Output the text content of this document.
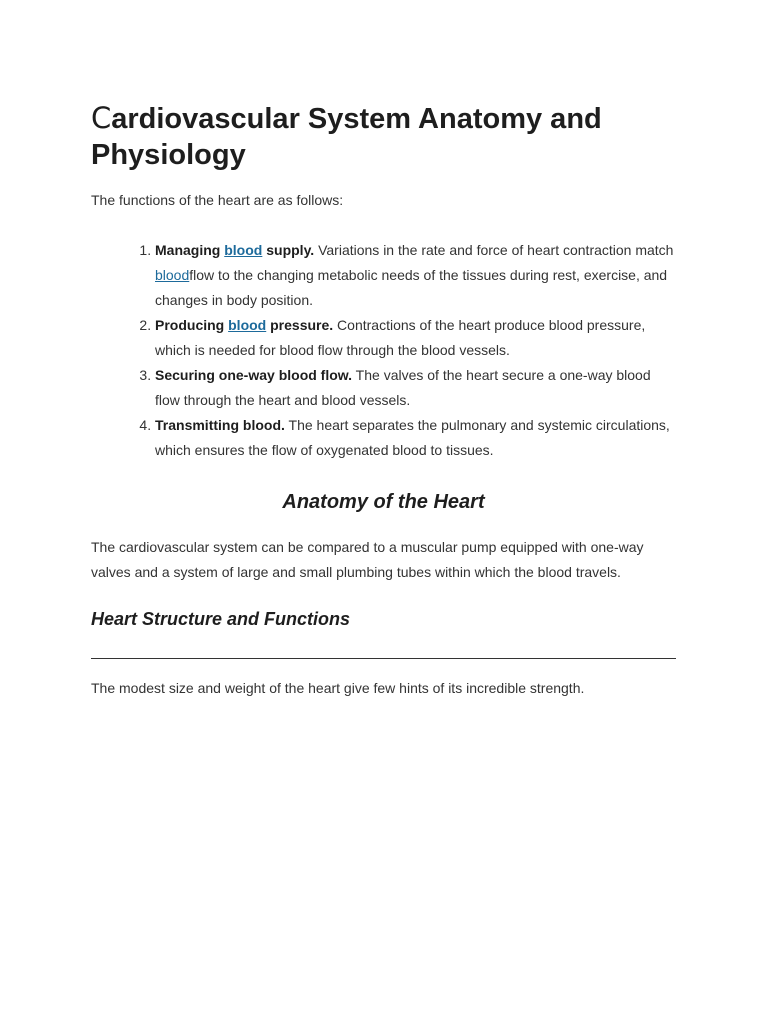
Cardiovascular System Anatomy and Physiology

The functions of the heart are as follows:

1. Managing blood supply. Variations in the rate and force of heart contraction match bloodflow to the changing metabolic needs of the tissues during rest, exercise, and changes in body position.
2. Producing blood pressure. Contractions of the heart produce blood pressure, which is needed for blood flow through the blood vessels.
3. Securing one-way blood flow. The valves of the heart secure a one-way blood flow through the heart and blood vessels.
4. Transmitting blood. The heart separates the pulmonary and systemic circulations, which ensures the flow of oxygenated blood to tissues.
Anatomy of the Heart

The cardiovascular system can be compared to a muscular pump equipped with one-way valves and a system of large and small plumbing tubes within which the blood travels.

Heart Structure and Functions

The modest size and weight of the heart give few hints of its incredible strength.
